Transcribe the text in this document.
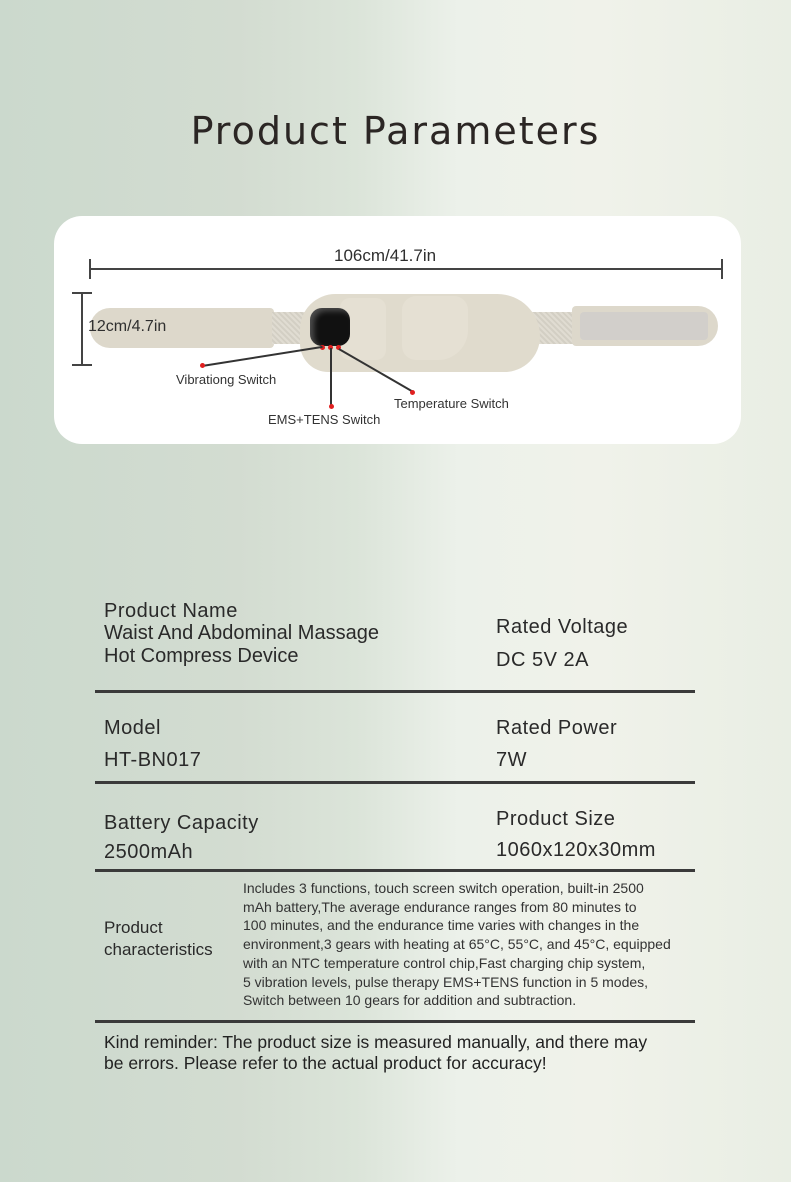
Product Parameters
106cm/41.7in
12cm/4.7in
Vibrationg Switch
EMS+TENS Switch
Temperature Switch
Product Name
Waist And Abdominal Massage
Hot Compress Device
Rated Voltage
DC 5V 2A
Model
HT-BN017
Rated Power
7W
Battery Capacity
2500mAh
Product Size
1060x120x30mm
Product
characteristics
Includes 3 functions, touch screen switch operation, built-in 2500
mAh battery,The average endurance ranges from 80 minutes to
100 minutes, and the endurance time varies with changes in the
environment,3 gears with heating at 65°C, 55°C, and 45°C, equipped
with an NTC temperature control chip,Fast charging chip system,
5 vibration levels, pulse therapy EMS+TENS function in 5 modes,
Switch between 10 gears for addition and subtraction.
Kind reminder: The product size is measured manually, and there may
be errors. Please refer to the actual product for accuracy!
